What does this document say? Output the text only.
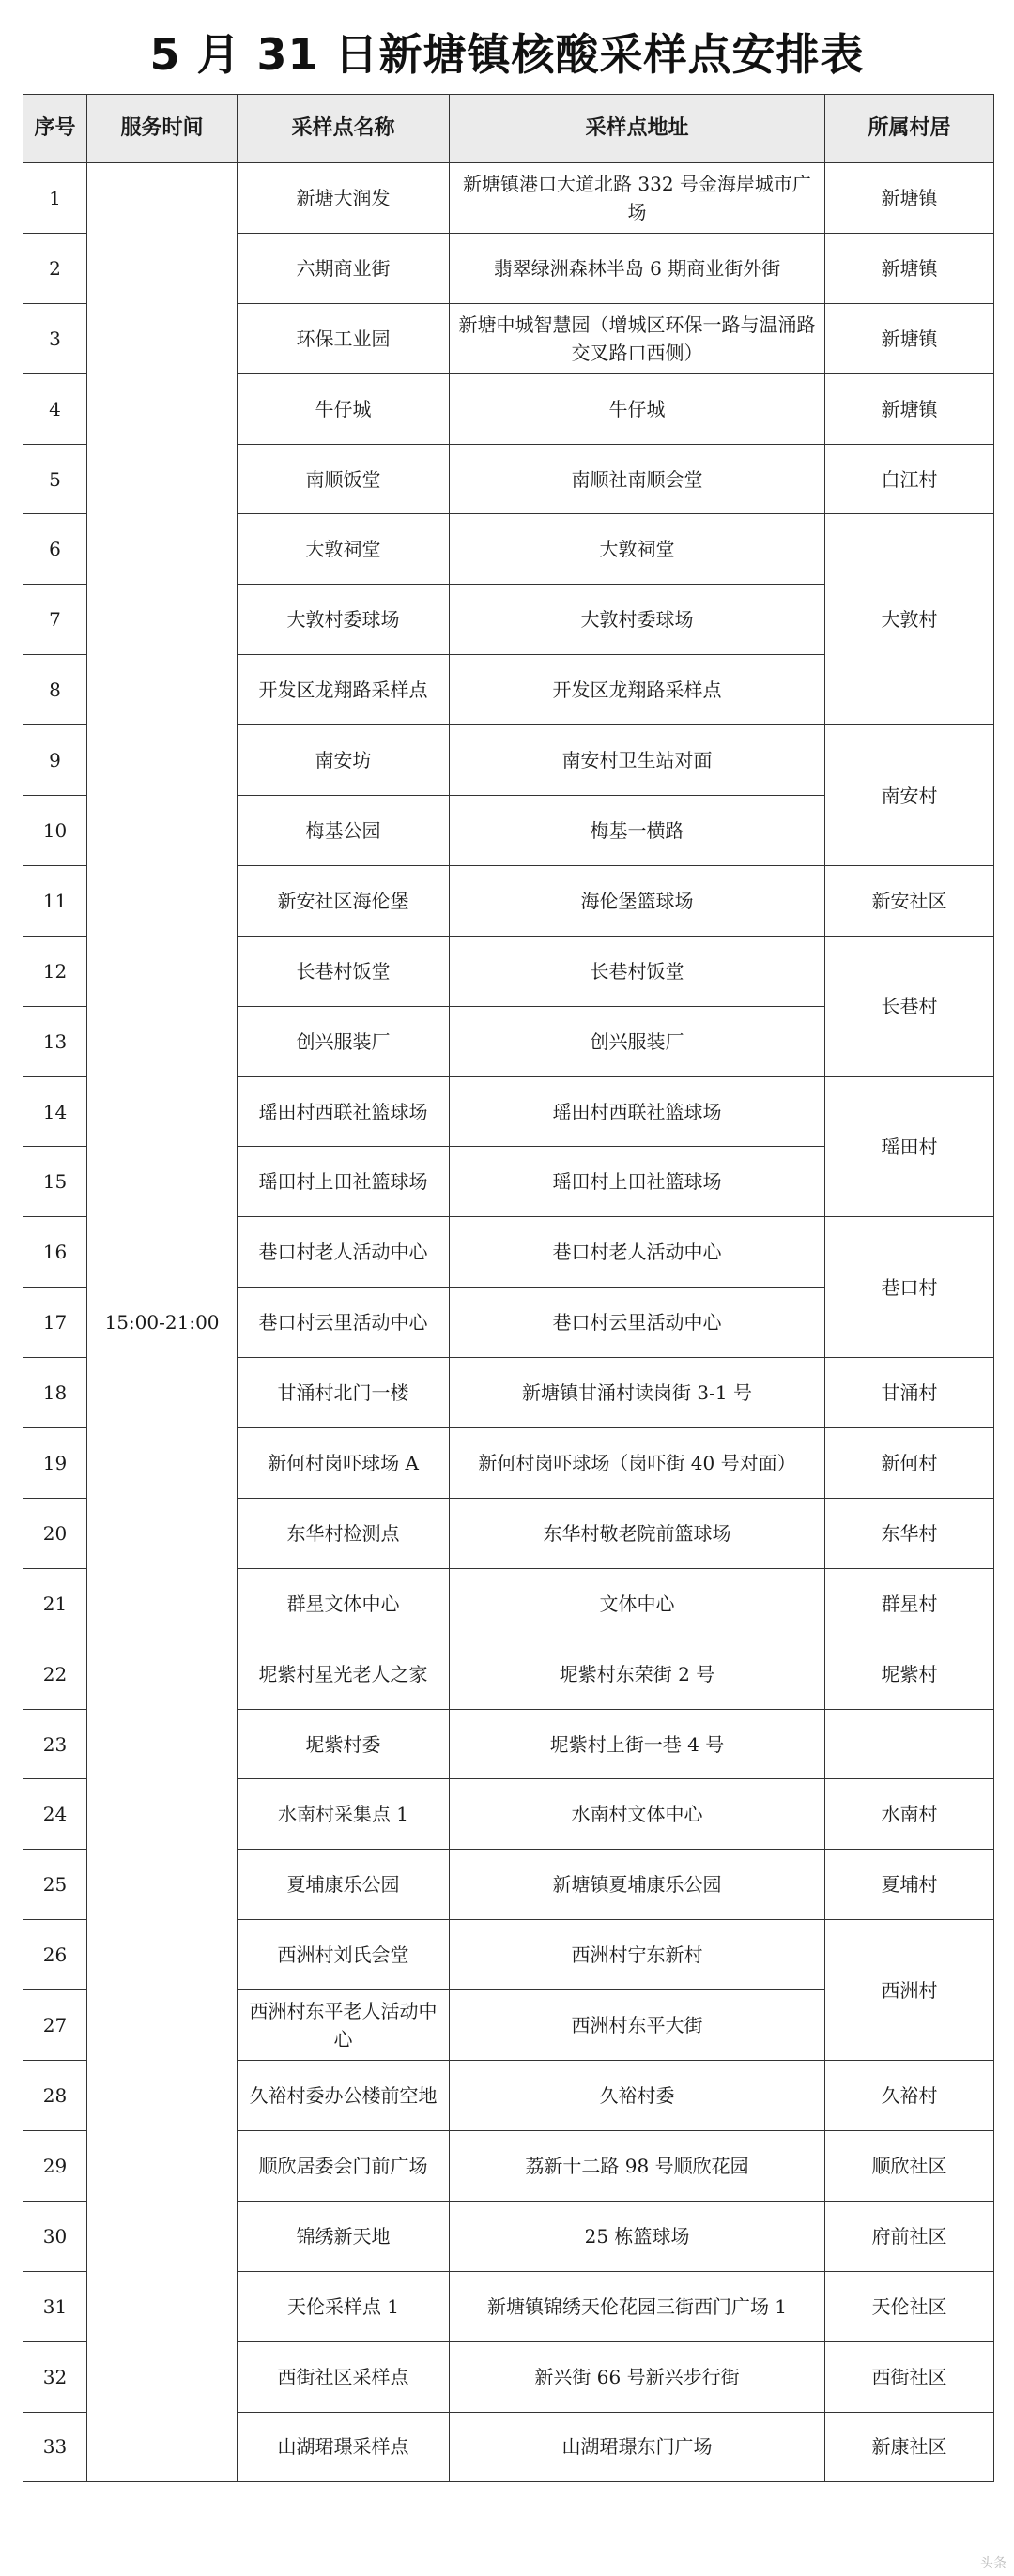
5 月 31 日新塘镇核酸采样点安排表
序号	服务时间	采样点名称	采样点地址	所属村居
1	15:00-21:00	新塘大润发	新塘镇港口大道北路 332 号金海岸城市广场	新塘镇
2		六期商业街	翡翠绿洲森林半岛 6 期商业街外街	新塘镇
3		环保工业园	新塘中城智慧园（增城区环保一路与温涌路交叉路口西侧）	新塘镇
4		牛仔城	牛仔城	新塘镇
5		南顺饭堂	南顺社南顺会堂	白江村
6		大敦祠堂	大敦祠堂	大敦村
7		大敦村委球场	大敦村委球场	
8		开发区龙翔路采样点	开发区龙翔路采样点	
9		南安坊	南安村卫生站对面	南安村
10		梅基公园	梅基一横路	
11		新安社区海伦堡	海伦堡篮球场	新安社区
12		长巷村饭堂	长巷村饭堂	长巷村
13		创兴服装厂	创兴服装厂	
14		瑶田村西联社篮球场	瑶田村西联社篮球场	瑶田村
15		瑶田村上田社篮球场	瑶田村上田社篮球场	
16		巷口村老人活动中心	巷口村老人活动中心	巷口村
17		巷口村云里活动中心	巷口村云里活动中心	
18		甘涌村北门一楼	新塘镇甘涌村读岗街 3-1 号	甘涌村
19		新何村岗吓球场 A	新何村岗吓球场（岗吓街 40 号对面）	新何村
20		东华村检测点	东华村敬老院前篮球场	东华村
21		群星文体中心	文体中心	群星村
22		坭紫村星光老人之家	坭紫村东荣街 2 号	坭紫村
23		坭紫村委	坭紫村上街一巷 4 号	
24		水南村采集点 1	水南村文体中心	水南村
25		夏埔康乐公园	新塘镇夏埔康乐公园	夏埔村
26		西洲村刘氏会堂	西洲村宁东新村	西洲村
27		西洲村东平老人活动中心	西洲村东平大街	
28		久裕村委办公楼前空地	久裕村委	久裕村
29		顺欣居委会门前广场	荔新十二路 98 号顺欣花园	顺欣社区
30		锦绣新天地	25 栋篮球场	府前社区
31		天伦采样点 1	新塘镇锦绣天伦花园三街西门广场 1	天伦社区
32		西街社区采样点	新兴街 66 号新兴步行街	西街社区
33		山湖珺璟采样点	山湖珺璟东门广场	新康社区
头条
